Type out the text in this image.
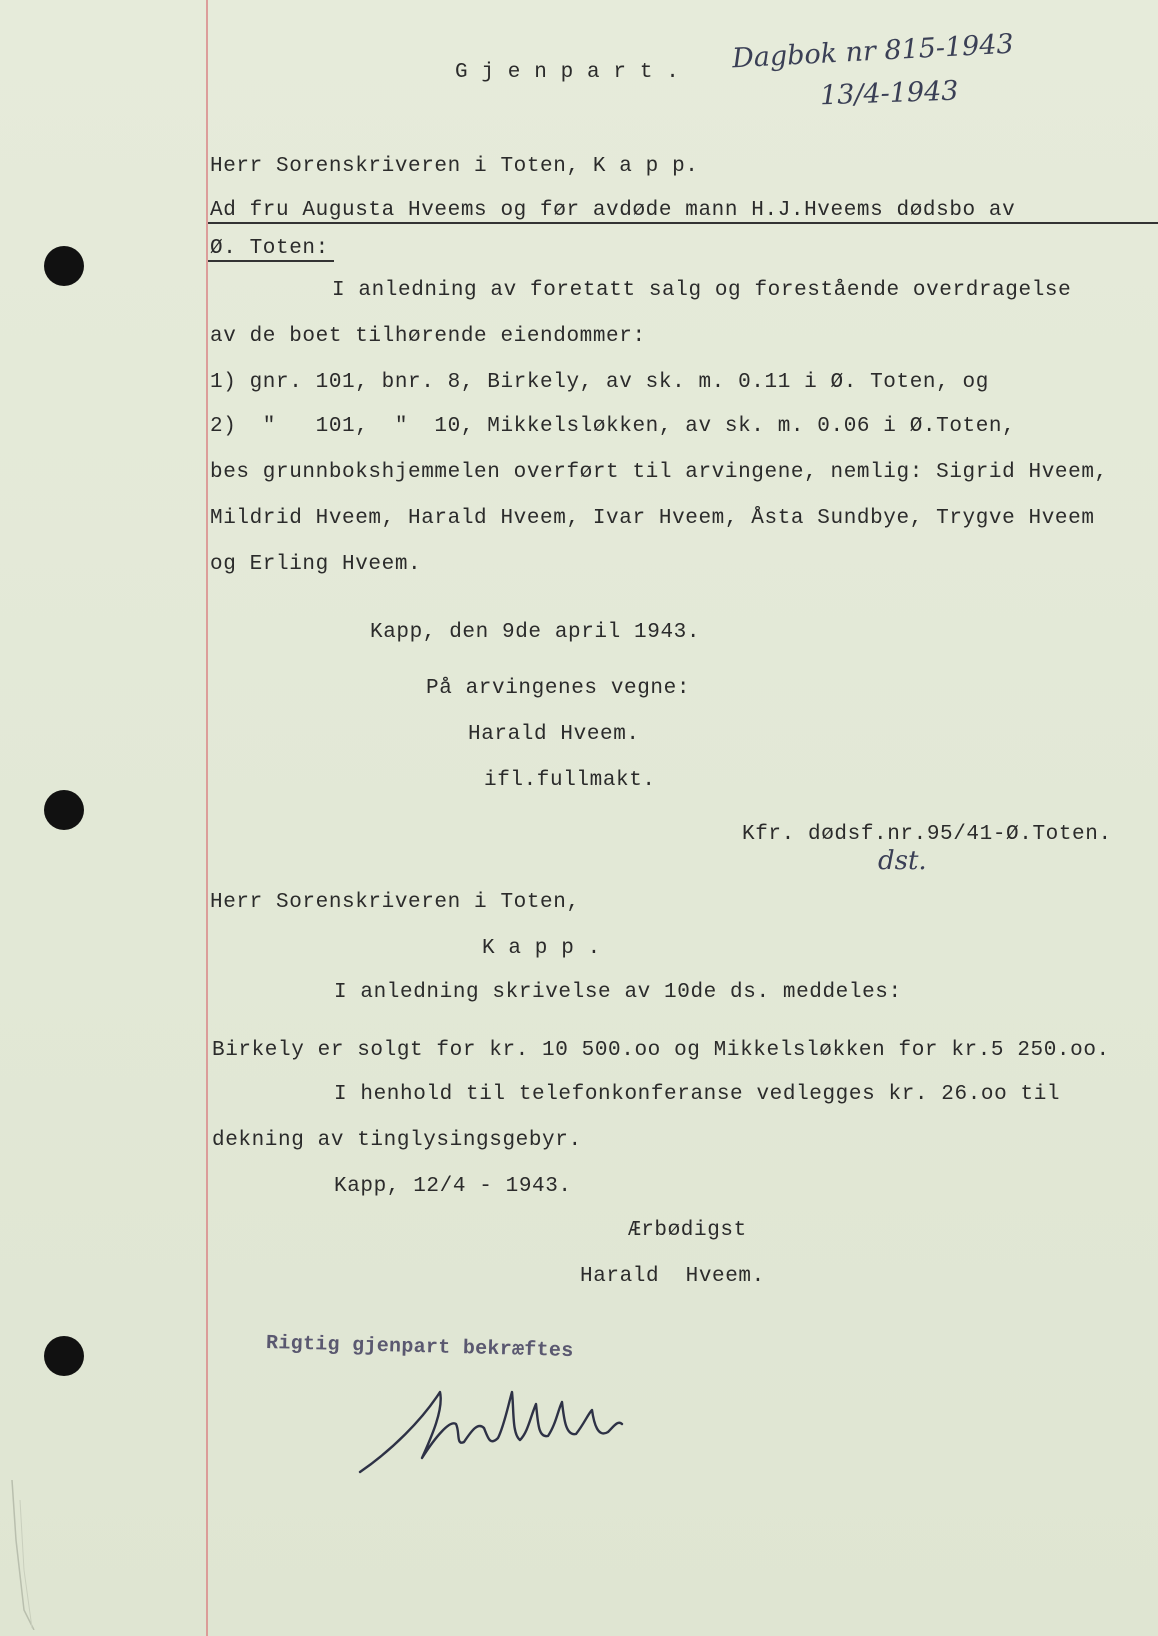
G j e n p a r t . Dagbok nr 815-1943
13/4-1943
Herr Sorenskriveren i Toten, K a p p.
Ad fru Augusta Hveems og før avdøde mann H.J.Hveems dødsbo av
Ø. Toten:
I anledning av foretatt salg og forestående overdragelse
av de boet tilhørende eiendommer:
1) gnr. 101, bnr. 8, Birkely, av sk. m. 0.11 i Ø. Toten, og
2)  "   101,  "  10, Mikkelsløkken, av sk. m. 0.06 i Ø.Toten,
bes grunnbokshjemmelen overført til arvingene, nemlig: Sigrid Hveem,
Mildrid Hveem, Harald Hveem, Ivar Hveem, Åsta Sundbye, Trygve Hveem
og Erling Hveem.
Kapp, den 9de april 1943.
På arvingenes vegne:
Harald Hveem.
ifl.fullmakt.
Kfr. dødsf.nr.95/41-Ø.Toten.
dst.
Herr Sorenskriveren i Toten,
K a p p .
I anledning skrivelse av 10de ds. meddeles:
Birkely er solgt for kr. 10 500.oo og Mikkelsløkken for kr.5 250.oo.
I henhold til telefonkonferanse vedlegges kr. 26.oo til
dekning av tinglysingsgebyr.
Kapp, 12/4 - 1943.
Ærbødigst
Harald  Hveem.
Rigtig gjenpart bekræftes
